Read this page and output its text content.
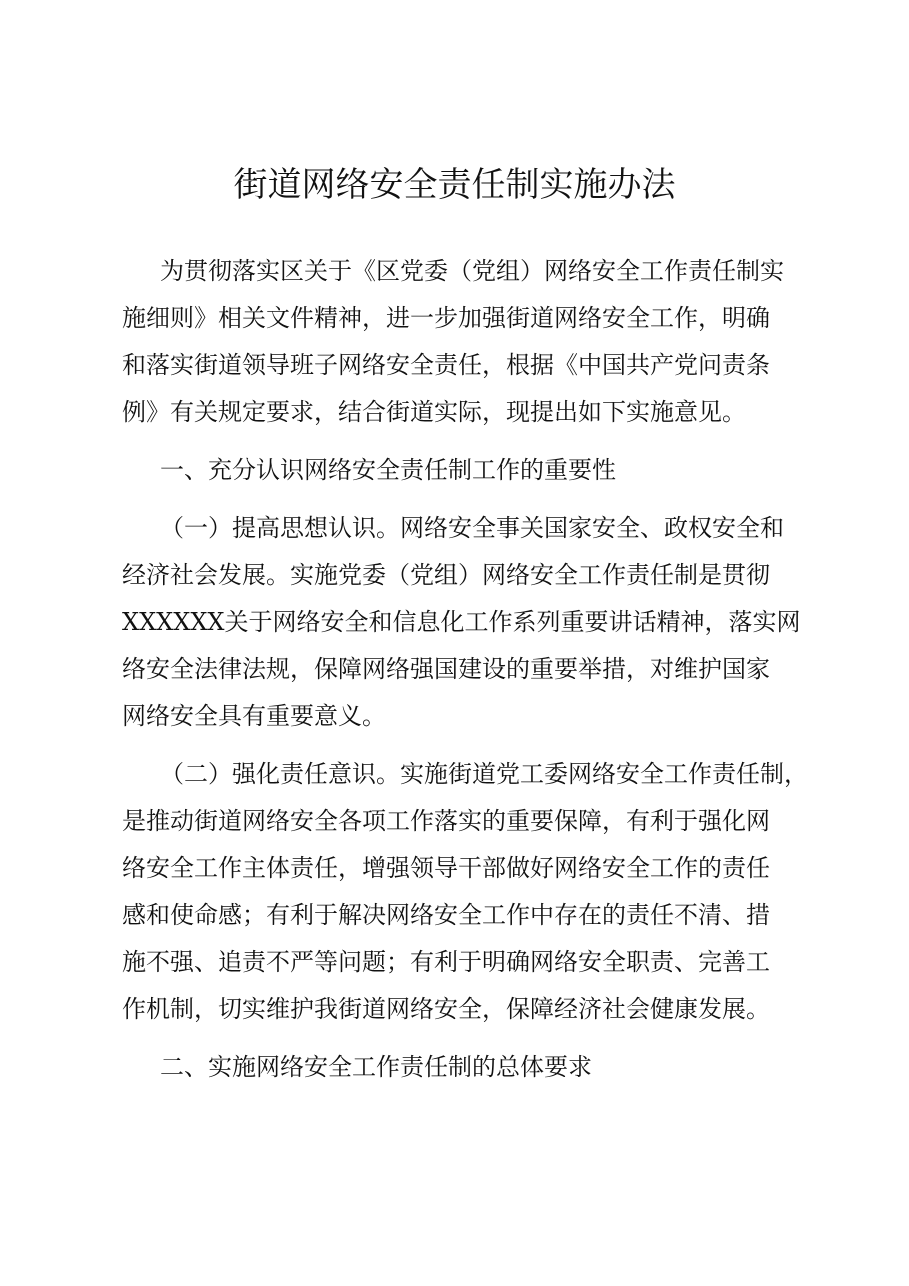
街道网络安全责任制实施办法
为贯彻落实区关于《区党委（党组）网络安全工作责任制实
施细则》相关文件精神，进一步加强街道网络安全工作，明确
和落实街道领导班子网络安全责任，根据《中国共产党问责条
例》有关规定要求，结合街道实际，现提出如下实施意见。
一、充分认识网络安全责任制工作的重要性
（一）提高思想认识。网络安全事关国家安全、政权安全和
经济社会发展。实施党委（党组）网络安全工作责任制是贯彻
XXXXXX关于网络安全和信息化工作系列重要讲话精神，落实网
络安全法律法规，保障网络强国建设的重要举措，对维护国家
网络安全具有重要意义。
（二）强化责任意识。实施街道党工委网络安全工作责任制，
是推动街道网络安全各项工作落实的重要保障，有利于强化网
络安全工作主体责任，增强领导干部做好网络安全工作的责任
感和使命感；有利于解决网络安全工作中存在的责任不清、措
施不强、追责不严等问题；有利于明确网络安全职责、完善工
作机制，切实维护我街道网络安全，保障经济社会健康发展。
二、实施网络安全工作责任制的总体要求
